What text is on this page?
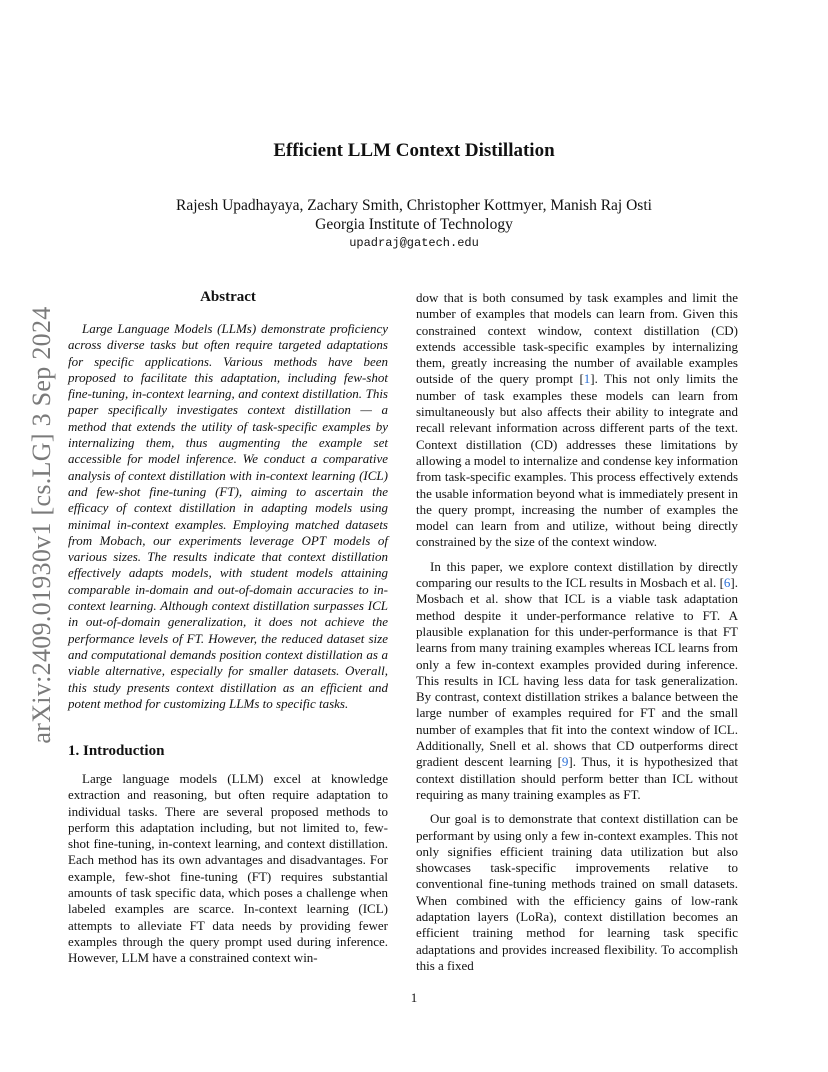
arXiv:2409.01930v1 [cs.LG] 3 Sep 2024
Efficient LLM Context Distillation
Rajesh Upadhayaya, Zachary Smith, Christopher Kottmyer, Manish Raj Osti
Georgia Institute of Technology
upadraj@gatech.edu
Abstract
Large Language Models (LLMs) demonstrate proficiency across diverse tasks but often require targeted adaptations for specific applications. Various methods have been proposed to facilitate this adaptation, including few-shot fine-tuning, in-context learning, and context distillation. This paper specifically investigates context distillation — a method that extends the utility of task-specific examples by internalizing them, thus augmenting the example set accessible for model inference. We conduct a comparative analysis of context distillation with in-context learning (ICL) and few-shot fine-tuning (FT), aiming to ascertain the efficacy of context distillation in adapting models using minimal in-context examples. Employing matched datasets from Mobach, our experiments leverage OPT models of various sizes. The results indicate that context distillation effectively adapts models, with student models attaining comparable in-domain and out-of-domain accuracies to in-context learning. Although context distillation surpasses ICL in out-of-domain generalization, it does not achieve the performance levels of FT. However, the reduced dataset size and computational demands position context distillation as a viable alternative, especially for smaller datasets. Overall, this study presents context distillation as an efficient and potent method for customizing LLMs to specific tasks.
1. Introduction
Large language models (LLM) excel at knowledge extraction and reasoning, but often require adaptation to individual tasks. There are several proposed methods to perform this adaptation including, but not limited to, few-shot fine-tuning, in-context learning, and context distillation. Each method has its own advantages and disadvantages. For example, few-shot fine-tuning (FT) requires substantial amounts of task specific data, which poses a challenge when labeled examples are scarce. In-context learning (ICL) attempts to alleviate FT data needs by providing fewer examples through the query prompt used during inference. However, LLM have a constrained context win-

dow that is both consumed by task examples and limit the number of examples that models can learn from. Given this constrained context window, context distillation (CD) extends accessible task-specific examples by internalizing them, greatly increasing the number of available examples outside of the query prompt [1]. This not only limits the number of task examples these models can learn from simultaneously but also affects their ability to integrate and recall relevant information across different parts of the text. Context distillation (CD) addresses these limitations by allowing a model to internalize and condense key information from task-specific examples. This process effectively extends the usable information beyond what is immediately present in the query prompt, increasing the number of examples the model can learn from and utilize, without being directly constrained by the size of the context window.

In this paper, we explore context distillation by directly comparing our results to the ICL results in Mosbach et al. [6]. Mosbach et al. show that ICL is a viable task adaptation method despite it under-performance relative to FT. A plausible explanation for this under-performance is that FT learns from many training examples whereas ICL learns from only a few in-context examples provided during inference. This results in ICL having less data for task generalization. By contrast, context distillation strikes a balance between the large number of examples required for FT and the small number of examples that fit into the context window of ICL. Additionally, Snell et al. shows that CD outperforms direct gradient descent learning [9]. Thus, it is hypothesized that context distillation should perform better than ICL without requiring as many training examples as FT.

Our goal is to demonstrate that context distillation can be performant by using only a few in-context examples. This not only signifies efficient training data utilization but also showcases task-specific improvements relative to conventional fine-tuning methods trained on small datasets. When combined with the efficiency gains of low-rank adaptation layers (LoRa), context distillation becomes an efficient training method for learning task specific adaptations and provides increased flexibility. To accomplish this a fixed

1
